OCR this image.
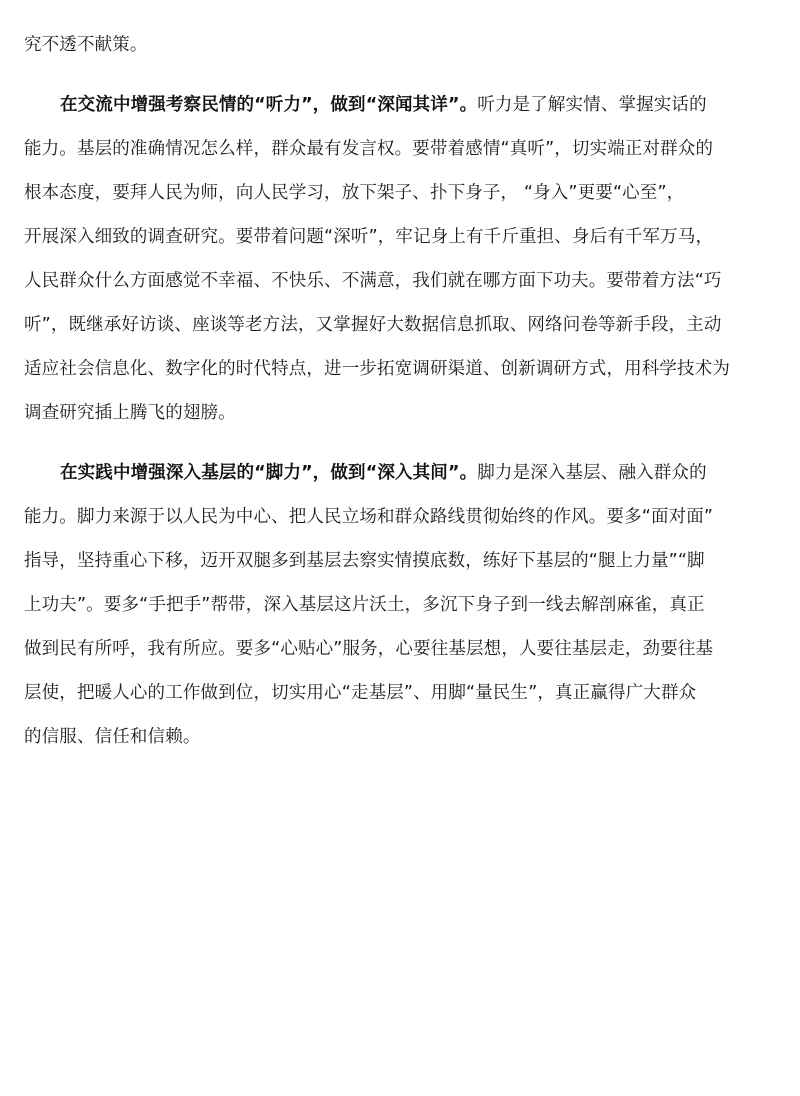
究不透不献策。
在交流中增强考察民情的“听力”，做到“深闻其详”。听力是了解实情、掌握实话的
能力。基层的准确情况怎么样，群众最有发言权。要带着感情“真听”，切实端正对群众的
根本态度，要拜人民为师，向人民学习，放下架子、扑下身子， “身入”更要“心至”，
开展深入细致的调查研究。要带着问题“深听”，牢记身上有千斤重担、身后有千军万马，
人民群众什么方面感觉不幸福、不快乐、不满意，我们就在哪方面下功夫。要带着方法“巧
听”，既继承好访谈、座谈等老方法，又掌握好大数据信息抓取、网络问卷等新手段，主动
适应社会信息化、数字化的时代特点，进一步拓宽调研渠道、创新调研方式，用科学技术为
调查研究插上腾飞的翅膀。
在实践中增强深入基层的“脚力”，做到“深入其间”。脚力是深入基层、融入群众的
能力。脚力来源于以人民为中心、把人民立场和群众路线贯彻始终的作风。要多“面对面”
指导，坚持重心下移，迈开双腿多到基层去察实情摸底数，练好下基层的“腿上力量”“脚
上功夫”。要多“手把手”帮带，深入基层这片沃土，多沉下身子到一线去解剖麻雀，真正
做到民有所呼，我有所应。要多“心贴心”服务，心要往基层想，人要往基层走，劲要往基
层使，把暖人心的工作做到位，切实用心“走基层”、用脚“量民生”，真正赢得广大群众
的信服、信任和信赖。
